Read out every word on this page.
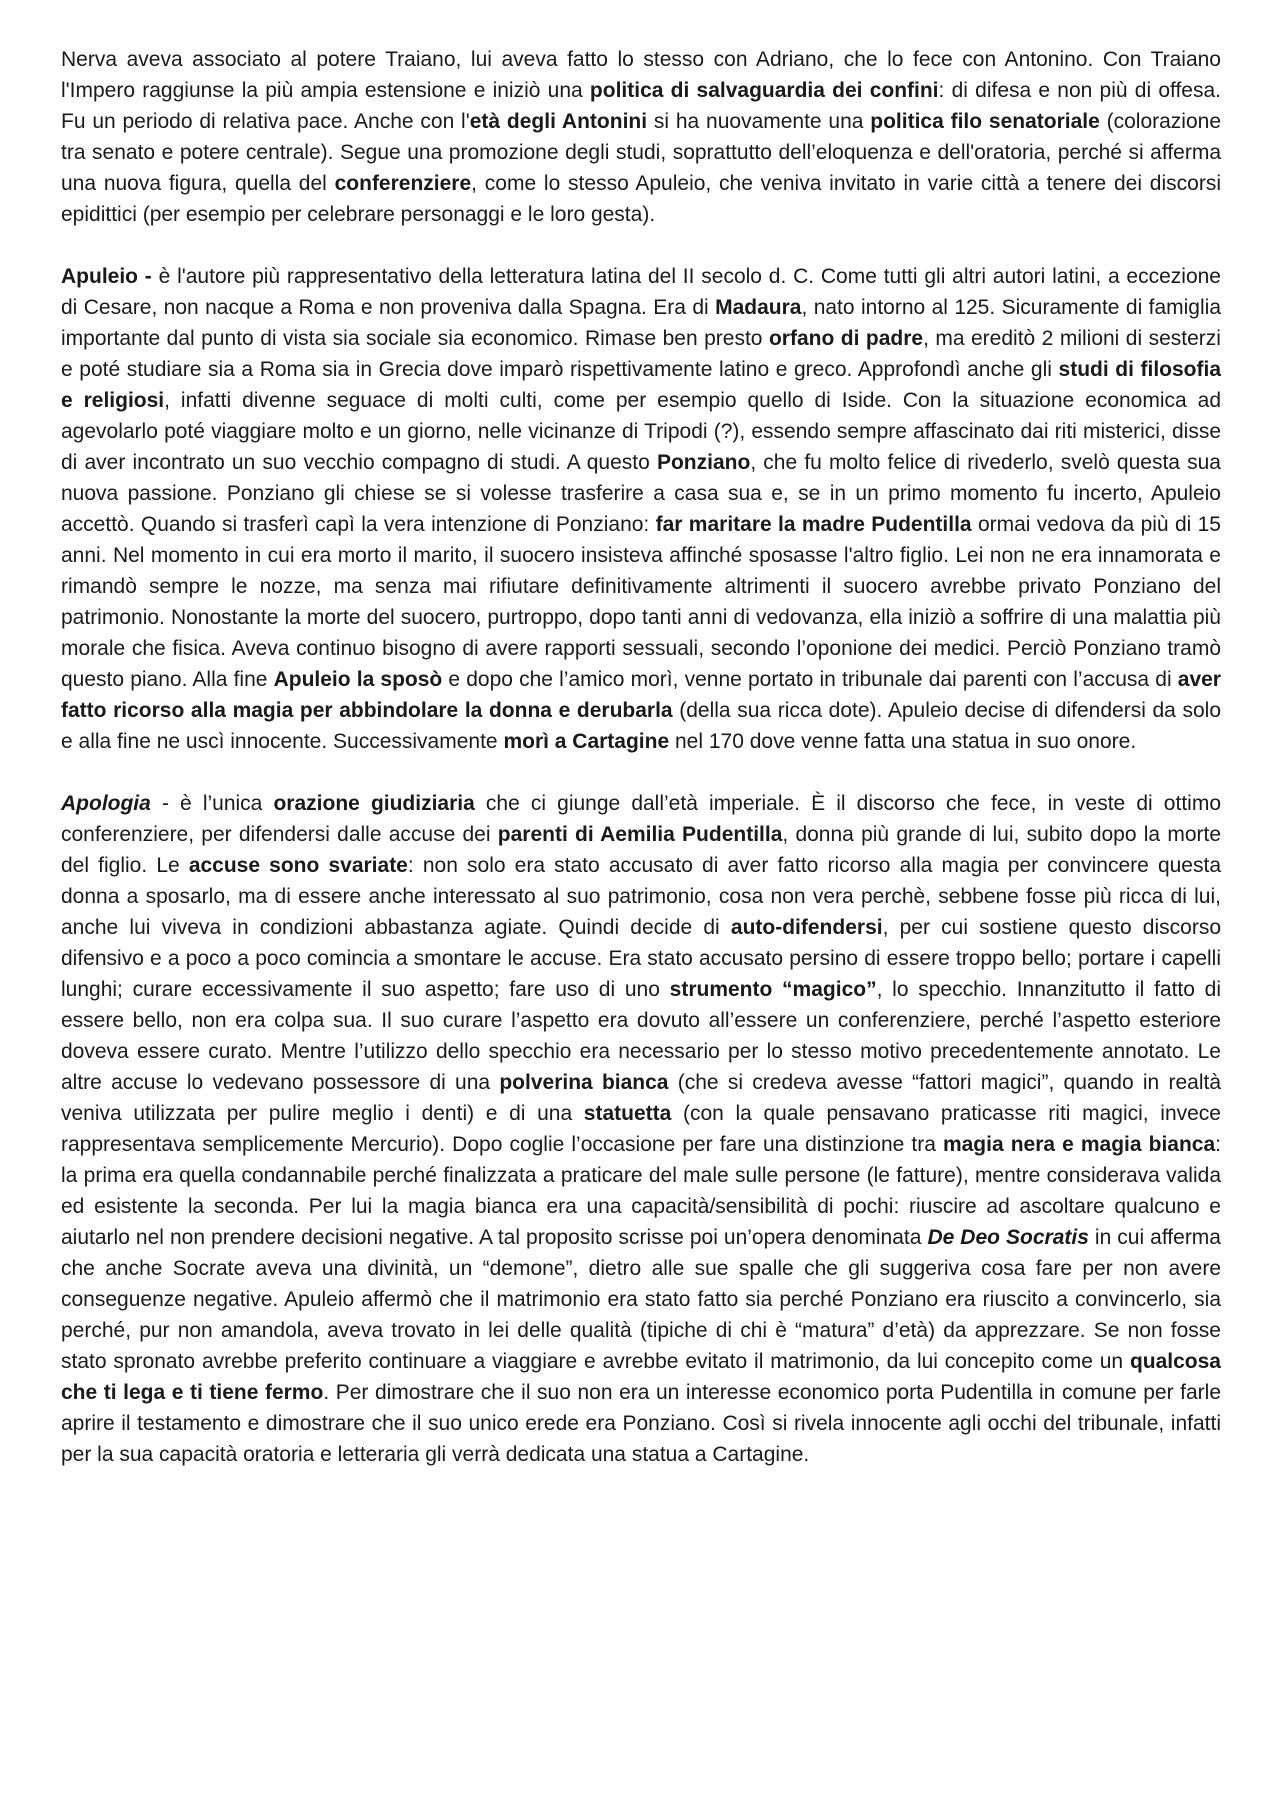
Nerva aveva associato al potere Traiano, lui aveva fatto lo stesso con Adriano, che lo fece con Antonino. Con Traiano l'Impero raggiunse la più ampia estensione e iniziò una politica di salvaguardia dei confini: di difesa e non più di offesa. Fu un periodo di relativa pace. Anche con l'età degli Antonini si ha nuovamente una politica filo senatoriale (colorazione tra senato e potere centrale). Segue una promozione degli studi, soprattutto dell’eloquenza e dell'oratoria, perché si afferma una nuova figura, quella del conferenziere, come lo stesso Apuleio, che veniva invitato in varie città a tenere dei discorsi epidittici (per esempio per celebrare personaggi e le loro gesta).

Apuleio - è l'autore più rappresentativo della letteratura latina del II secolo d. C. Come tutti gli altri autori latini, a eccezione di Cesare, non nacque a Roma e non proveniva dalla Spagna. Era di Madaura, nato intorno al 125. Sicuramente di famiglia importante dal punto di vista sia sociale sia economico. Rimase ben presto orfano di padre, ma ereditò 2 milioni di sesterzi e poté studiare sia a Roma sia in Grecia dove imparò rispettivamente latino e greco. Approfondì anche gli studi di filosofia e religiosi, infatti divenne seguace di molti culti, come per esempio quello di Iside. Con la situazione economica ad agevolarlo poté viaggiare molto e un giorno, nelle vicinanze di Tripodi (?), essendo sempre affascinato dai riti misterici, disse di aver incontrato un suo vecchio compagno di studi. A questo Ponziano, che fu molto felice di rivederlo, svelò questa sua nuova passione. Ponziano gli chiese se si volesse trasferire a casa sua e, se in un primo momento fu incerto, Apuleio accettò. Quando si trasferì capì la vera intenzione di Ponziano: far maritare la madre Pudentilla ormai vedova da più di 15 anni. Nel momento in cui era morto il marito, il suocero insisteva affinché sposasse l'altro figlio. Lei non ne era innamorata e rimandò sempre le nozze, ma senza mai rifiutare definitivamente altrimenti il suocero avrebbe privato Ponziano del patrimonio. Nonostante la morte del suocero, purtroppo, dopo tanti anni di vedovanza, ella iniziò a soffrire di una malattia più morale che fisica. Aveva continuo bisogno di avere rapporti sessuali, secondo l’oponione dei medici. Perciò Ponziano tramò questo piano. Alla fine Apuleio la sposò e dopo che l’amico morì, venne portato in tribunale dai parenti con l’accusa di aver fatto ricorso alla magia per abbindolare la donna e derubarla (della sua ricca dote). Apuleio decise di difendersi da solo e alla fine ne uscì innocente. Successivamente morì a Cartagine nel 170 dove venne fatta una statua in suo onore.

Apologia - è l’unica orazione giudiziaria che ci giunge dall’età imperiale. È il discorso che fece, in veste di ottimo conferenziere, per difendersi dalle accuse dei parenti di Aemilia Pudentilla, donna più grande di lui, subito dopo la morte del figlio. Le accuse sono svariate: non solo era stato accusato di aver fatto ricorso alla magia per convincere questa donna a sposarlo, ma di essere anche interessato al suo patrimonio, cosa non vera perchè, sebbene fosse più ricca di lui, anche lui viveva in condizioni abbastanza agiate. Quindi decide di auto-difendersi, per cui sostiene questo discorso difensivo e a poco a poco comincia a smontare le accuse. Era stato accusato persino di essere troppo bello; portare i capelli lunghi; curare eccessivamente il suo aspetto; fare uso di uno strumento “magico”, lo specchio. Innanzitutto il fatto di essere bello, non era colpa sua. Il suo curare l’aspetto era dovuto all’essere un conferenziere, perché l’aspetto esteriore doveva essere curato. Mentre l’utilizzo dello specchio era necessario per lo stesso motivo precedentemente annotato. Le altre accuse lo vedevano possessore di una polverina bianca (che si credeva avesse “fattori magici”, quando in realtà veniva utilizzata per pulire meglio i denti) e di una statuetta (con la quale pensavano praticasse riti magici, invece rappresentava semplicemente Mercurio). Dopo coglie l’occasione per fare una distinzione tra magia nera e magia bianca: la prima era quella condannabile perché finalizzata a praticare del male sulle persone (le fatture), mentre considerava valida ed esistente la seconda. Per lui la magia bianca era una capacità/sensibilità di pochi: riuscire ad ascoltare qualcuno e aiutarlo nel non prendere decisioni negative. A tal proposito scrisse poi un’opera denominata De Deo Socratis in cui afferma che anche Socrate aveva una divinità, un “demone”, dietro alle sue spalle che gli suggeriva cosa fare per non avere conseguenze negative. Apuleio affermò che il matrimonio era stato fatto sia perché Ponziano era riuscito a convincerlo, sia perché, pur non amandola, aveva trovato in lei delle qualità (tipiche di chi è “matura” d’età) da apprezzare. Se non fosse stato spronato avrebbe preferito continuare a viaggiare e avrebbe evitato il matrimonio, da lui concepito come un qualcosa che ti lega e ti tiene fermo. Per dimostrare che il suo non era un interesse economico porta Pudentilla in comune per farle aprire il testamento e dimostrare che il suo unico erede era Ponziano. Così si rivela innocente agli occhi del tribunale, infatti per la sua capacità oratoria e letteraria gli verrà dedicata una statua a Cartagine.
